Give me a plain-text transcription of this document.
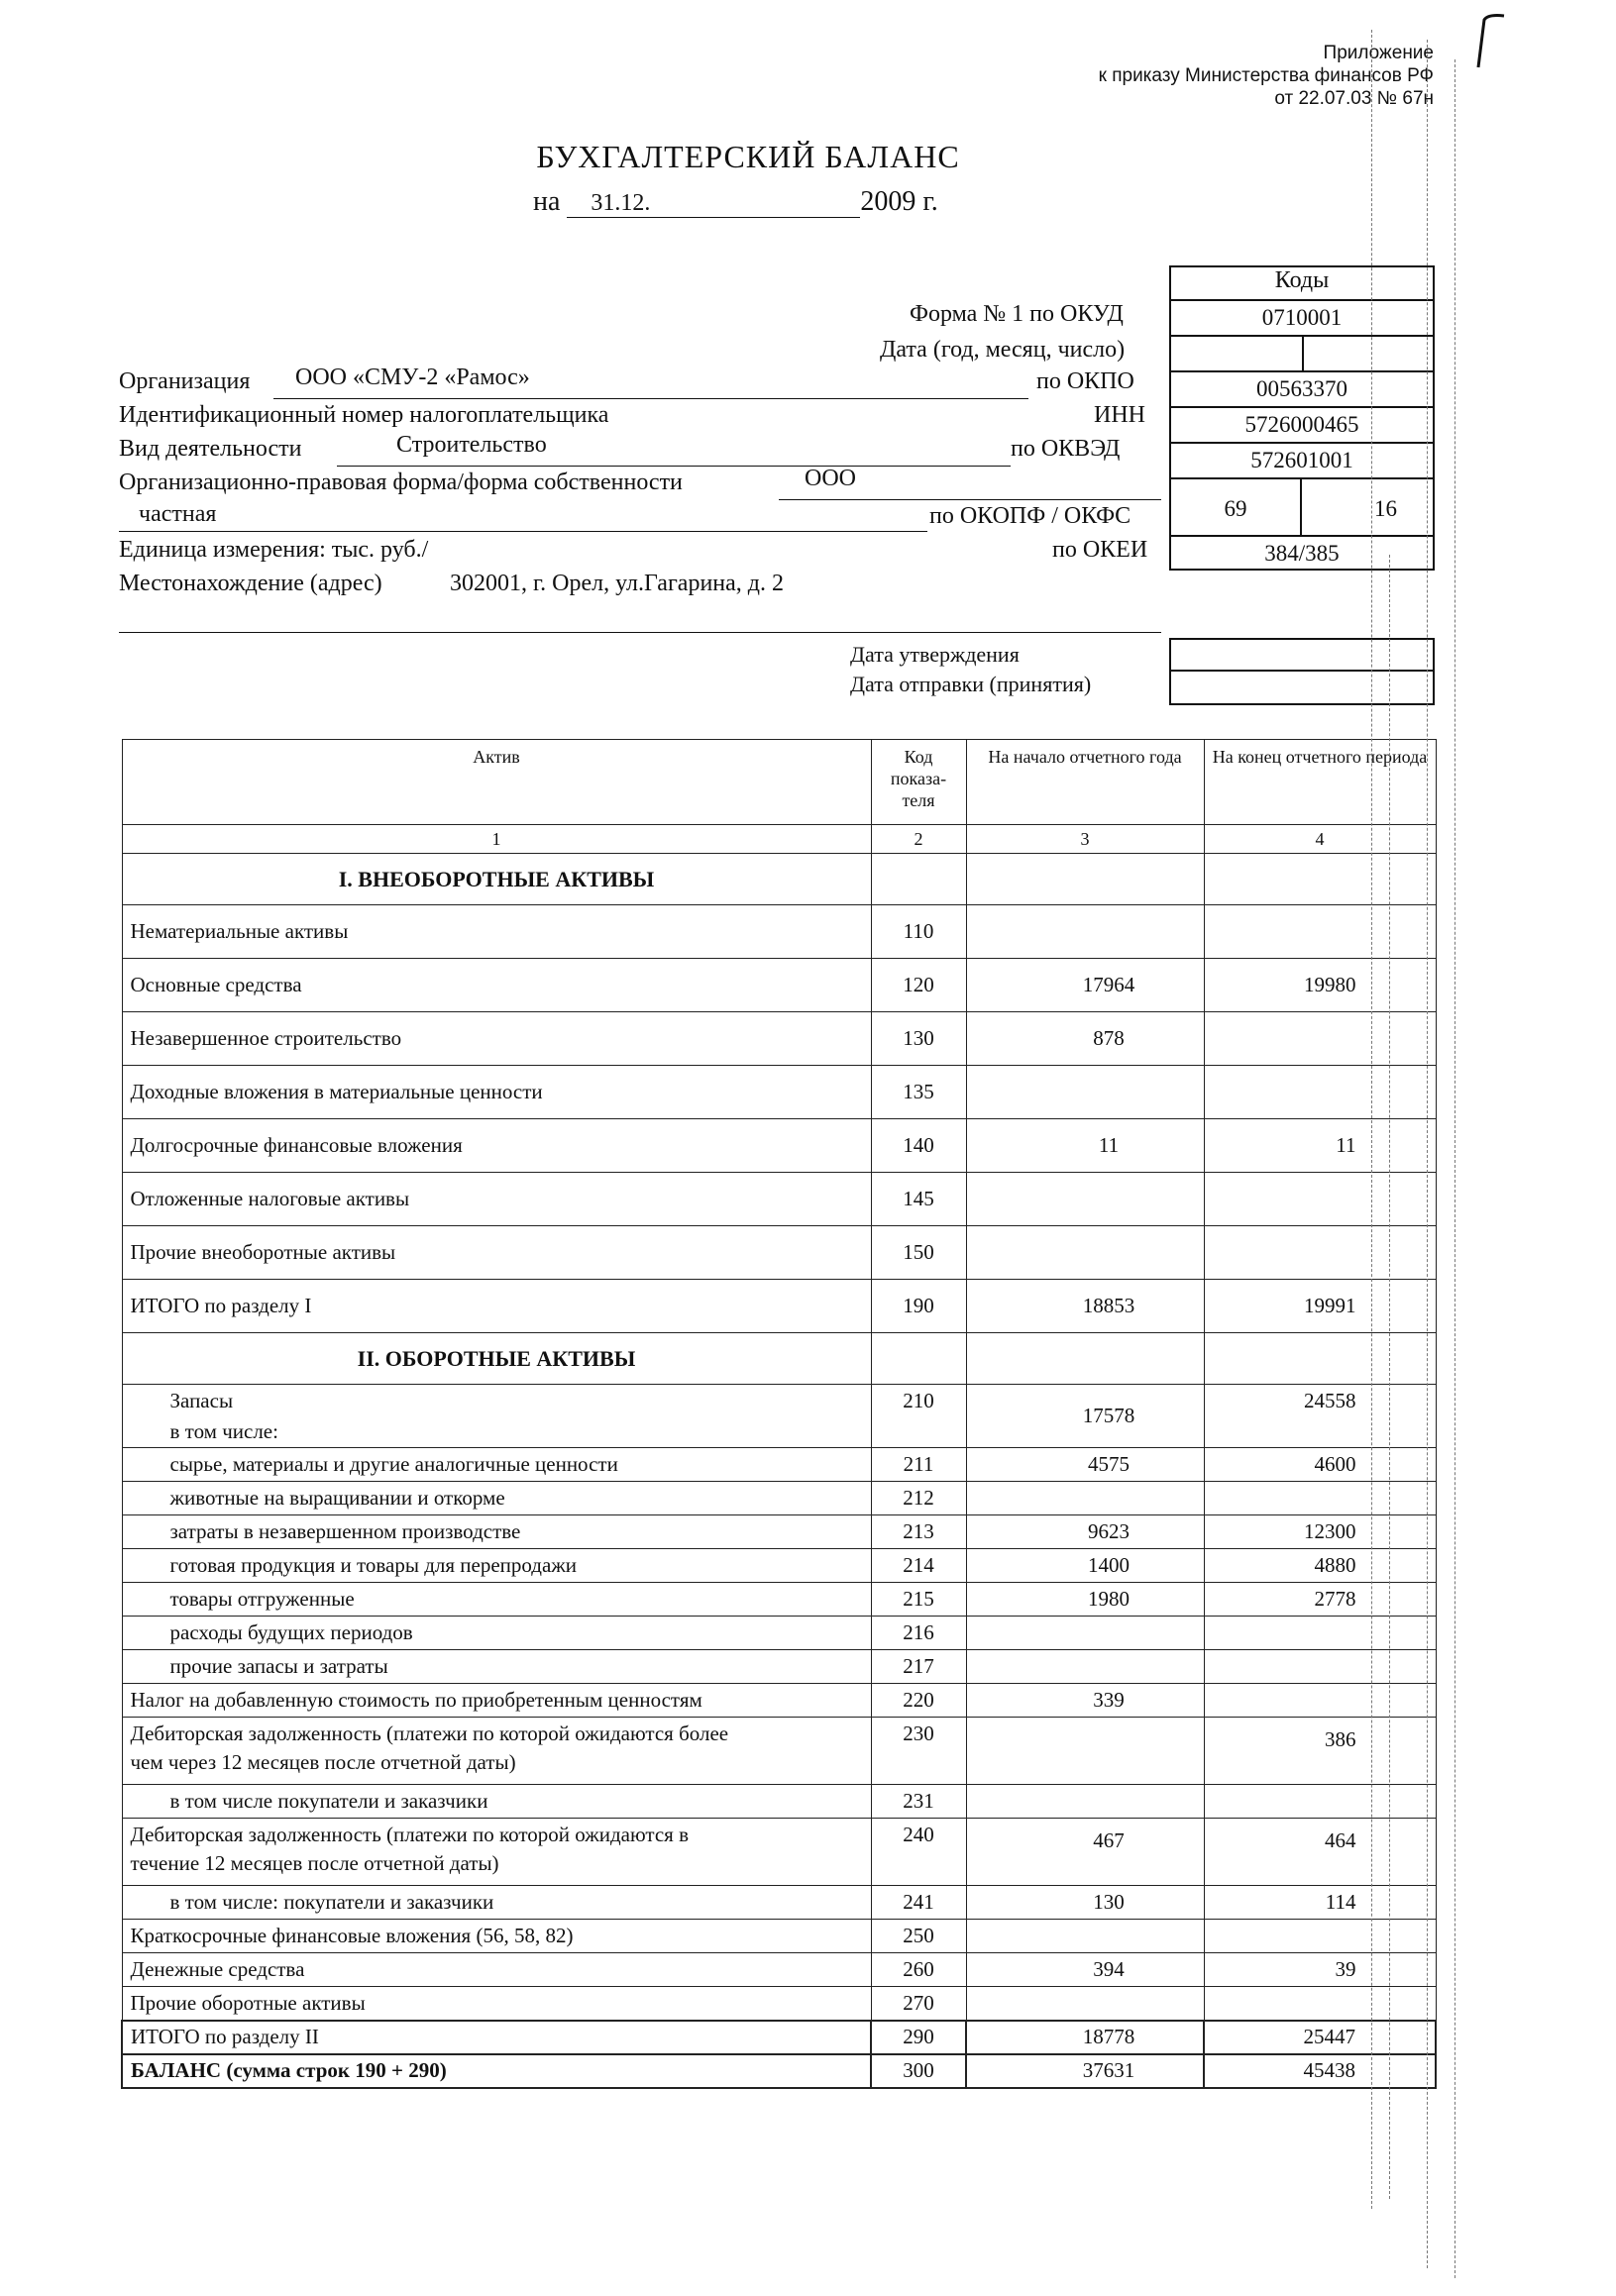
Приложение
к приказу Министерства финансов РФ
от 22.07.03 № 67н
БУХГАЛТЕРСКИЙ БАЛАНС
на 31.12.	2009 г.
Коды
0710001
00563370
5726000465
572601001
69	16
384/385
Форма № 1 по ОКУД
Дата (год, месяц, число)
Организация ООО «СМУ-2 «Рамос»	по ОКПО
Идентификационный номер налогоплательщика	ИНН
Вид деятельности	Строительство	по ОКВЭД
Организационно-правовая форма/форма собственности	ООО
частная	по ОКОПФ / ОКФС
Единица измерения: тыс. руб./	по ОКЕИ
Местонахождение (адрес)	302001, г. Орел, ул.Гагарина, д. 2
Дата утверждения
Дата отправки (принятия)
Актив	Код показа-теля	На начало отчетного года	На конец отчетного периода
1	2	3	4
I. ВНЕОБОРОТНЫЕ АКТИВЫ			
Нематериальные активы	110		
Основные средства	120	17964	19980
Незавершенное строительство	130	878	
Доходные вложения в материальные ценности	135		
Долгосрочные финансовые вложения	140	11	11
Отложенные налоговые активы	145		
Прочие внеоборотные активы	150		
ИТОГО по разделу I	190	18853	19991
II. ОБОРОТНЫЕ АКТИВЫ			

Запасы
в том числе:	210	17578	24558
сырье, материалы и другие аналогичные ценности	211	4575	4600
животные на выращивании и откорме	212		
затраты в незавершенном производстве	213	9623	12300
готовая продукция и товары для перепродажи	214	1400	4880
товары отгруженные	215	1980	2778
расходы будущих периодов	216		
прочие запасы и затраты	217		
Налог на добавленную стоимость по приобретенным ценностям	220	339	

Дебиторская задолженность (платежи по которой ожидаются более
чем через 12 месяцев после отчетной даты)	230		386
в том числе покупатели и заказчики	231		

Дебиторская задолженность (платежи по которой ожидаются в
течение 12 месяцев после отчетной даты)	240	467	464
в том числе: покупатели и заказчики	241	130	114
Краткосрочные финансовые вложения (56, 58, 82)	250		
Денежные средства	260	394	39
Прочие оборотные активы	270		
ИТОГО по разделу II	290	18778	25447
БАЛАНС (сумма строк 190 + 290)	300	37631	45438
